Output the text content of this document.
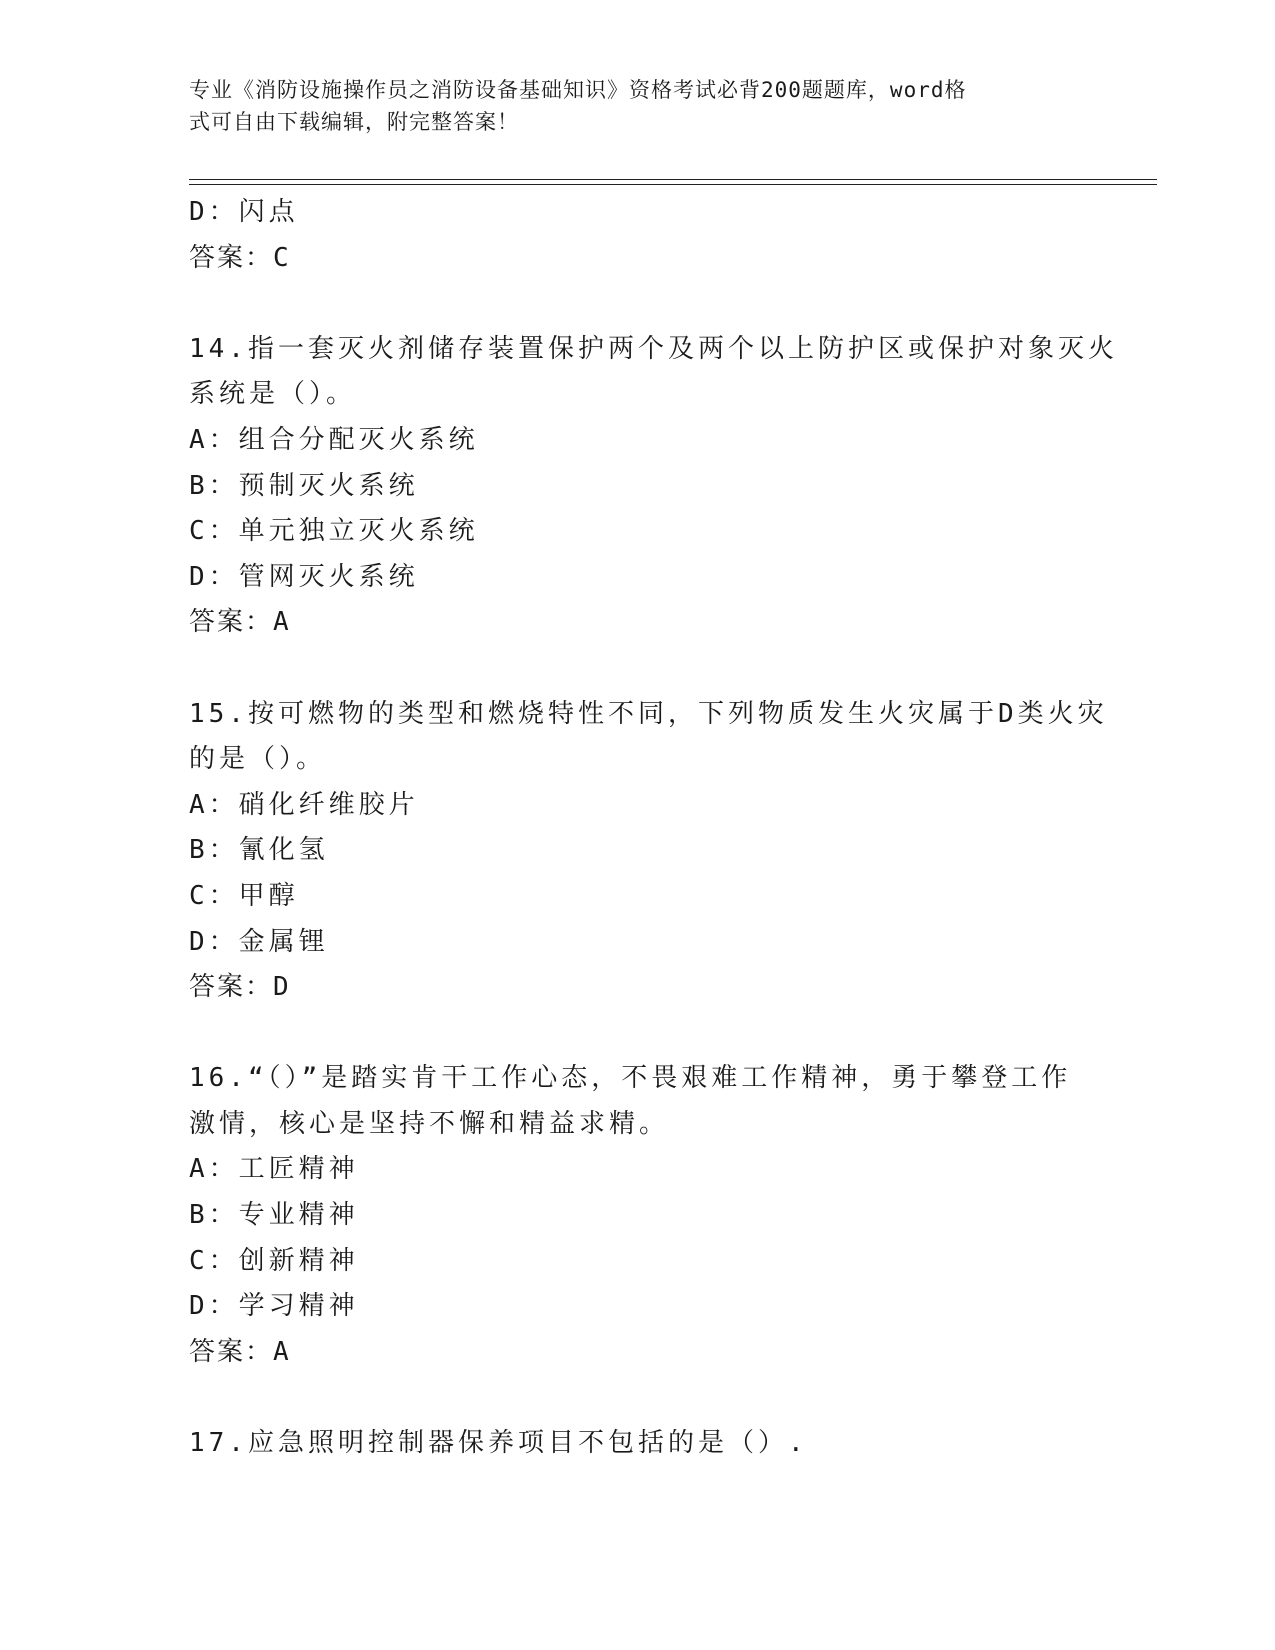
专业《消防设施操作员之消防设备基础知识》资格考试必背200题题库，word格
式可自由下载编辑，附完整答案！
D：闪点
答案：C
14.指一套灭火剂储存装置保护两个及两个以上防护区或保护对象灭火
系统是（）。
A：组合分配灭火系统
B：预制灭火系统
C：单元独立灭火系统
D：管网灭火系统
答案：A
15.按可燃物的类型和燃烧特性不同，下列物质发生火灾属于D类火灾
的是（）。
A：硝化纤维胶片
B：氰化氢
C：甲醇
D：金属锂
答案：D
16.“（）”是踏实肯干工作心态，不畏艰难工作精神，勇于攀登工作
激情，核心是坚持不懈和精益求精。
A：工匠精神
B：专业精神
C：创新精神
D：学习精神
答案：A
17.应急照明控制器保养项目不包括的是（）.
